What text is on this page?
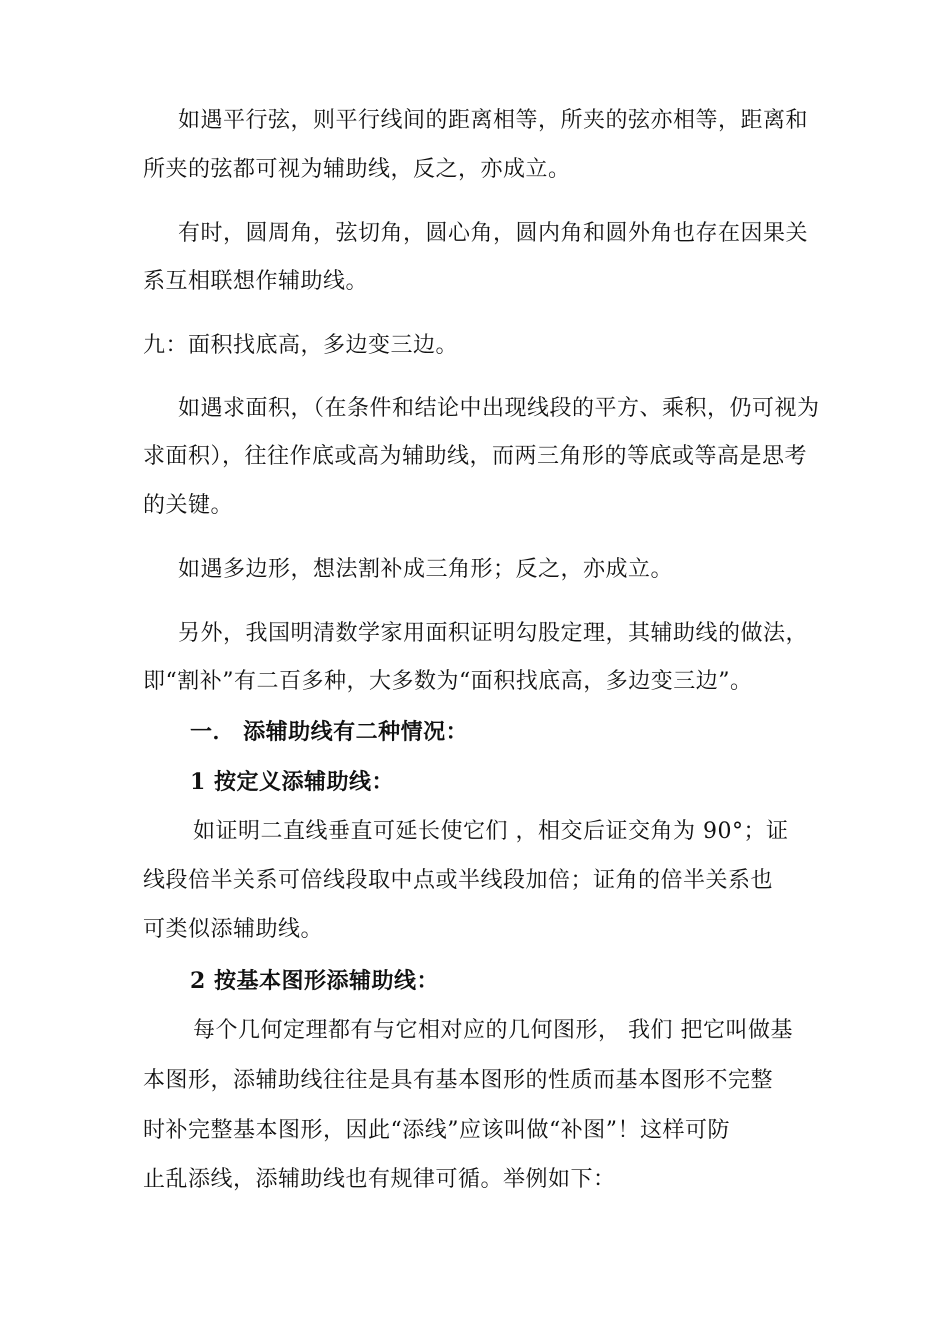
如遇平行弦，则平行线间的距离相等，所夹的弦亦相等，距离和
所夹的弦都可视为辅助线，反之，亦成立。
有时，圆周角，弦切角，圆心角，圆内角和圆外角也存在因果关
系互相联想作辅助线。
九：面积找底高，多边变三边。
如遇求面积，（在条件和结论中出现线段的平方、乘积，仍可视为
求面积），往往作底或高为辅助线，而两三角形的等底或等高是思考
的关键。
如遇多边形，想法割补成三角形；反之，亦成立。
另外，我国明清数学家用面积证明勾股定理，其辅助线的做法，
即“割补”有二百多种，大多数为“面积找底高，多边变三边”。
一． 添辅助线有二种情况：
1 按定义添辅助线：
如证明二直线垂直可延长使它们 ，相交后证交角为 90°；证
线段倍半关系可倍线段取中点或半线段加倍；证角的倍半关系也
可类似添辅助线。
2 按基本图形添辅助线：
每个几何定理都有与它相对应的几何图形， 我们 把它叫做基
本图形，添辅助线往往是具有基本图形的性质而基本图形不完整
时补完整基本图形，因此“添线”应该叫做“补图”！这样可防
止乱添线，添辅助线也有规律可循。举例如下：
